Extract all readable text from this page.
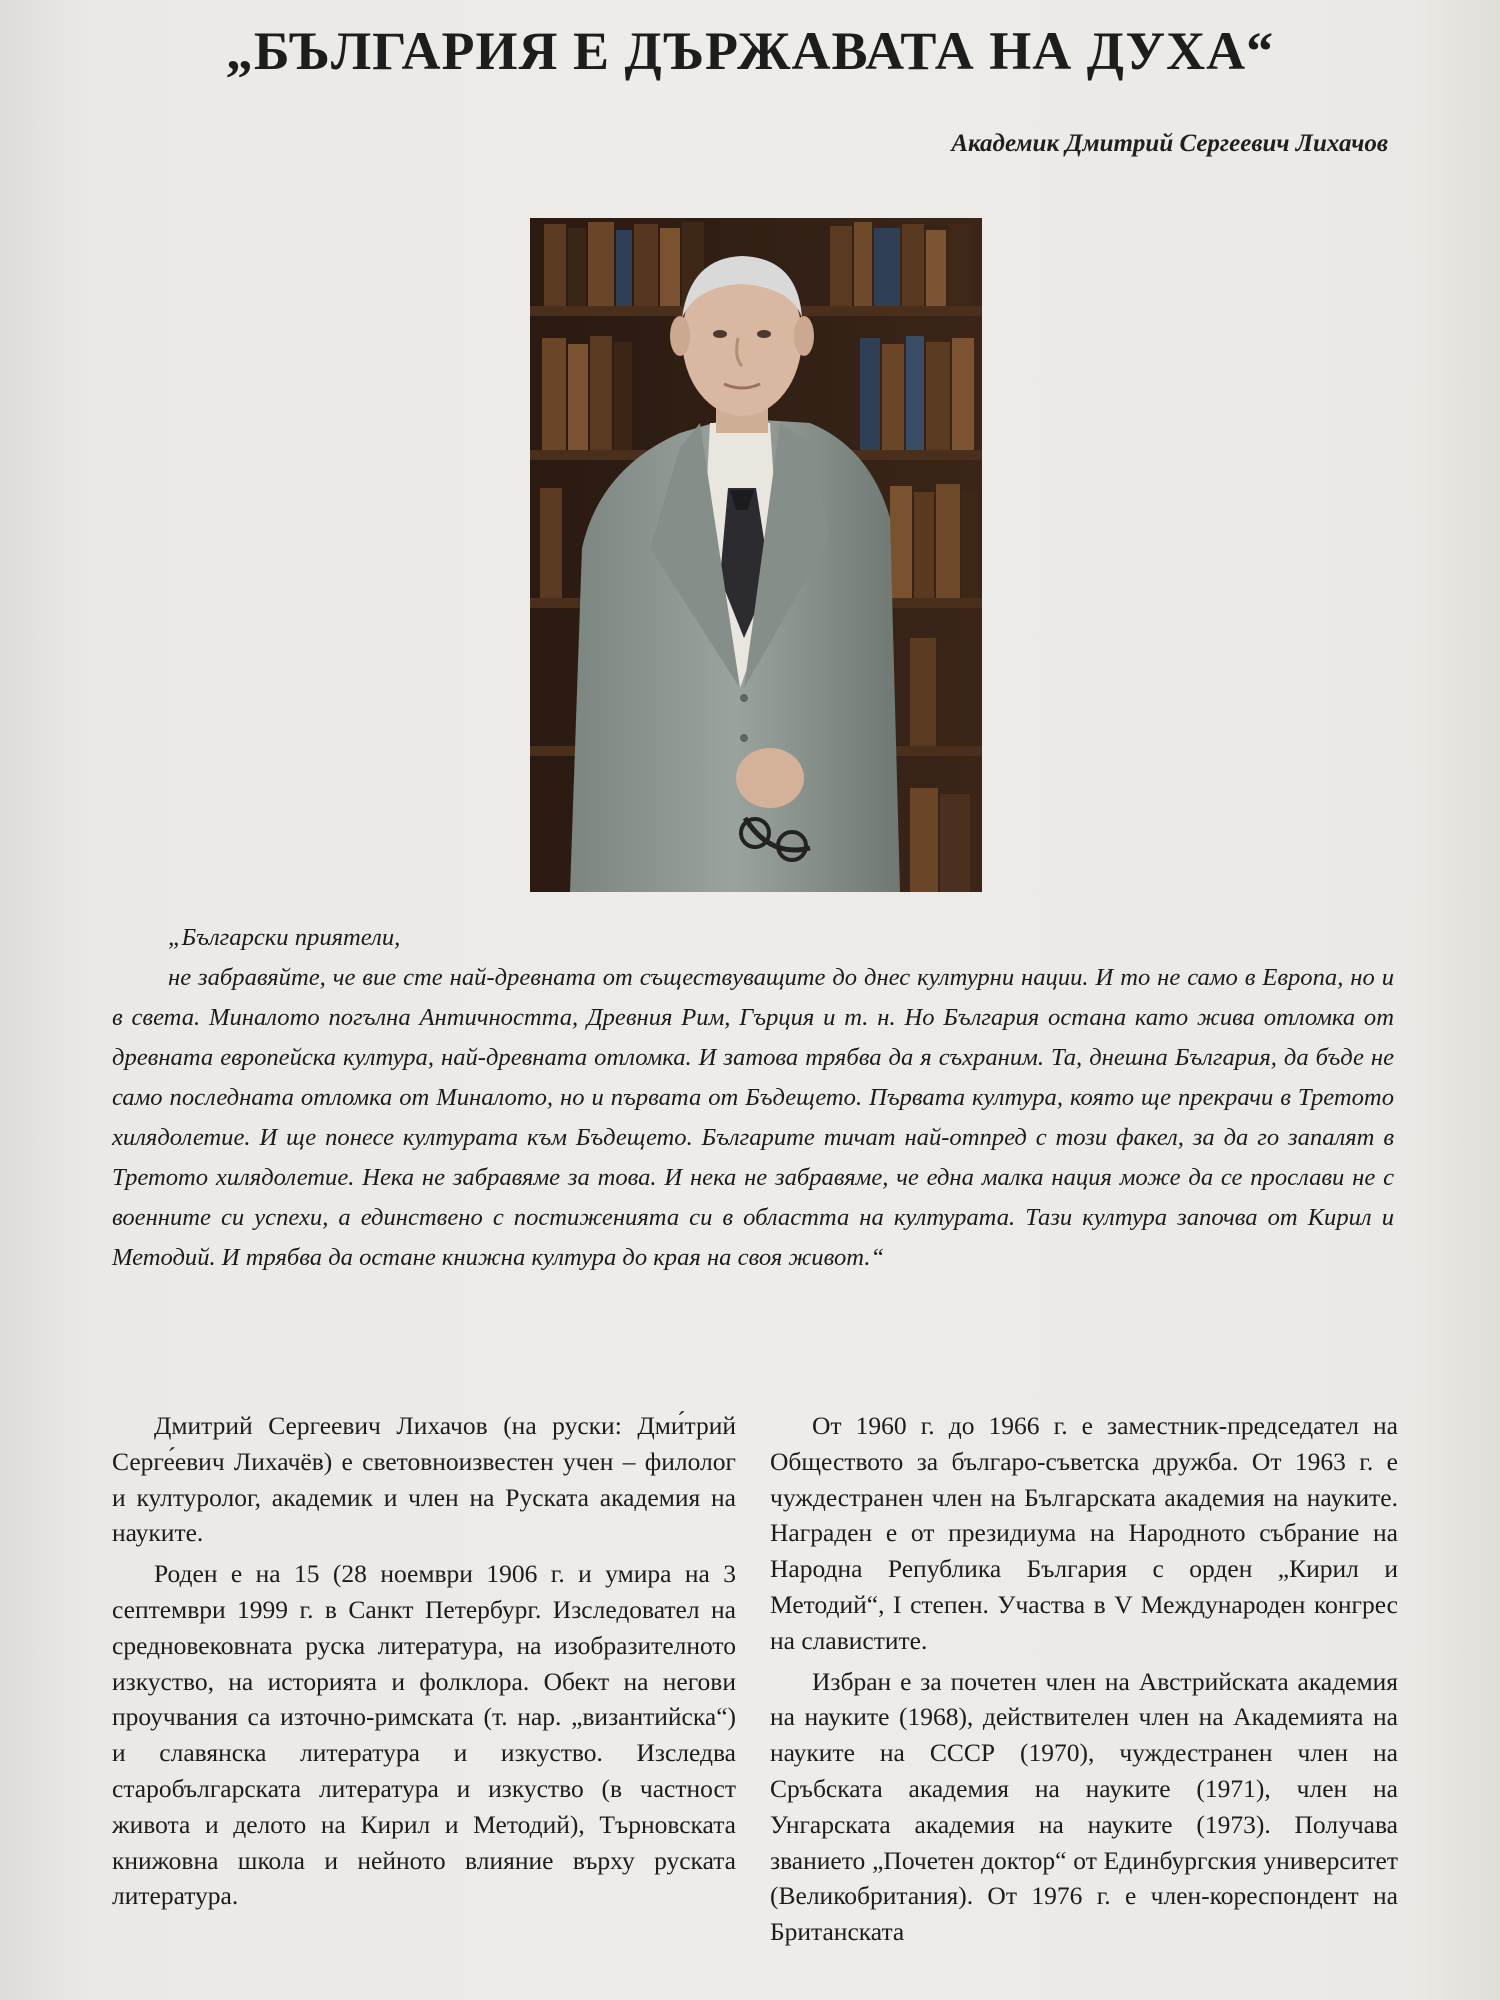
„БЪЛГАРИЯ Е ДЪРЖАВАТА НА ДУХА“
Академик Дмитрий Сергеевич Лихачов
„Български приятели,
не забравяйте, че вие сте най-древната от съществуващите до днес културни нации. И то не само в Европа, но и в света. Миналото погълна Античността, Древния Рим, Гърция и т. н. Но България остана като жива отломка от древната европейска култура, най-древната отломка. И затова трябва да я съхраним. Та, днешна България, да бъде не само последната отломка от Миналото, но и първата от Бъдещето. Първата култура, която ще прекрачи в Третото хилядолетие. И ще понесе културата към Бъдещето. Българите тичат най-отпред с този факел, за да го запалят в Третото хилядолетие. Нека не забравяме за това. И нека не забравяме, че една малка нация може да се прослави не с военните си успехи, а единствено с постиженията си в областта на културата. Тази култура започва от Кирил и Методий. И трябва да остане книжна култура до края на своя живот.“

Дмитрий Сергеевич Лихачов (на руски: Дми́трий Серге́евич Лихачёв) е световноизвестен учен – филолог и културолог, академик и член на Руската академия на науките.

Роден е на 15 (28 ноември 1906 г. и умира на 3 септември 1999 г. в Санкт Петербург. Изследовател на средновековната руска литература, на изобразителното изкуство, на историята и фолклора. Обект на негови проучвания са източно-римската (т. нар. „византийска“) и славянска литература и изкуство. Изследва старобългарската литература и изкуство (в частност живота и делото на Кирил и Методий), Търновската книжовна школа и нейното влияние върху руската литература.

От 1960 г. до 1966 г. е заместник-председател на Обществото за българо-съветска дружба. От 1963 г. е чуждестранен член на Българската академия на науките. Награден е от президиума на Народното събрание на Народна Република България с орден „Кирил и Методий“, I степен. Участва в V Международен конгрес на славистите.

Избран е за почетен член на Австрийската академия на науките (1968), действителен член на Академията на науките на СССР (1970), чуждестранен член на Сръбската академия на науките (1971), член на Унгарската академия на науките (1973). Получава званието „Почетен доктор“ от Единбургския университет (Великобритания). От 1976 г. е член-кореспондент на Британската
